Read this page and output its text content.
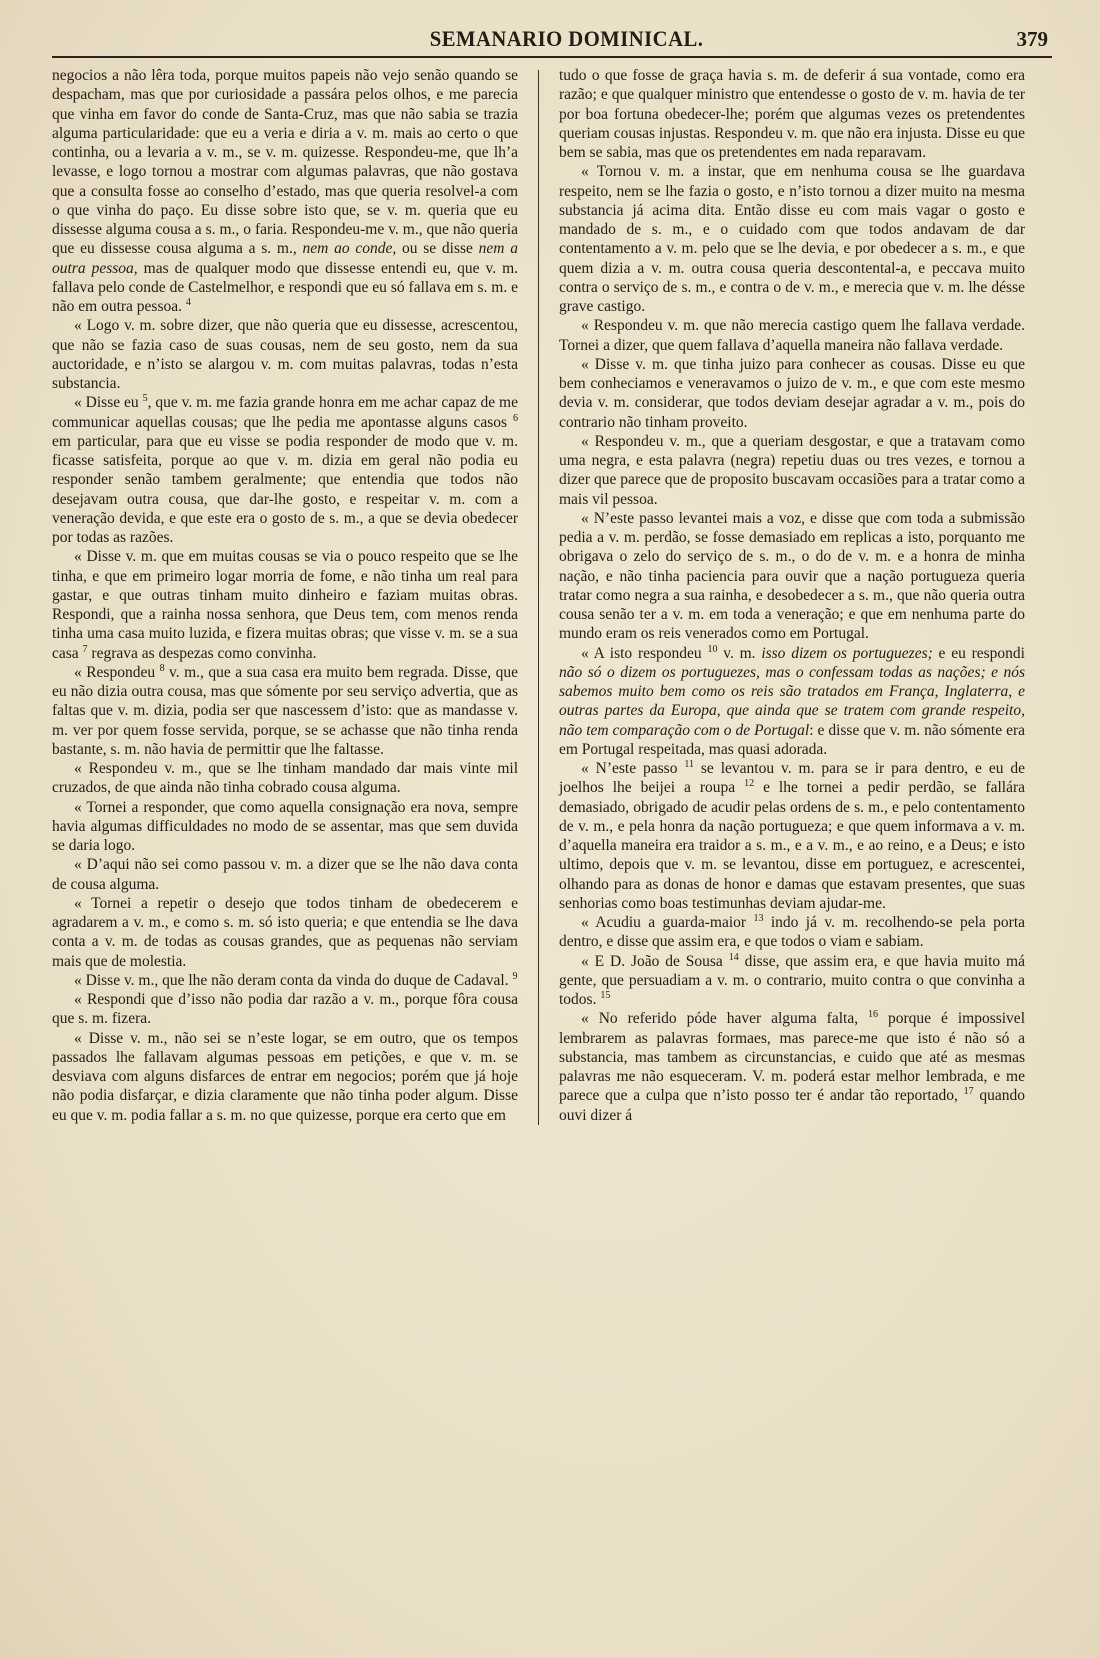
SEMANARIO DOMINICAL.	379

negocios a não lêra toda, porque muitos papeis não vejo senão quando se despacham, mas que por curiosidade a passára pelos olhos, e me parecia que vinha em favor do conde de Santa-Cruz, mas que não sabia se trazia alguma particularidade: que eu a veria e diria a v. m. mais ao certo o que continha, ou a levaria a v. m., se v. m. quizesse. Respondeu-me, que lh’a levasse, e logo tornou a mostrar com algumas palavras, que não gostava que a consulta fosse ao conselho d’estado, mas que queria resolvel-a com o que vinha do paço. Eu disse sobre isto que, se v. m. queria que eu dissesse alguma cousa a s. m., o faria. Respondeu-me v. m., que não queria que eu dissesse cousa alguma a s. m., nem ao conde, ou se disse nem a outra pessoa, mas de qualquer modo que dissesse entendi eu, que v. m. fallava pelo conde de Castelmelhor, e respondi que eu só fallava em s. m. e não em outra pessoa. $^4$

« Logo v. m. sobre dizer, que não queria que eu dissesse, acrescentou, que não se fazia caso de suas cousas, nem de seu gosto, nem da sua auctoridade, e n’isto se alargou v. m. com muitas palavras, todas n’esta substancia.

« Disse eu $^5$, que v. m. me fazia grande honra em me achar capaz de me communicar aquellas cousas; que lhe pedia me apontasse alguns casos $^6$ em particular, para que eu visse se podia responder de modo que v. m. ficasse satisfeita, porque ao que v. m. dizia em geral não podia eu responder senão tambem geralmente; que entendia que todos não desejavam outra cousa, que dar-lhe gosto, e respeitar v. m. com a veneração devida, e que este era o gosto de s. m., a que se devia obedecer por todas as razões.

« Disse v. m. que em muitas cousas se via o pouco respeito que se lhe tinha, e que em primeiro logar morria de fome, e não tinha um real para gastar, e que outras tinham muito dinheiro e faziam muitas obras. Respondi, que a rainha nossa senhora, que Deus tem, com menos renda tinha uma casa muito luzida, e fizera muitas obras; que visse v. m. se a sua casa $^7$ regrava as despezas como convinha.

« Respondeu $^8$ v. m., que a sua casa era muito bem regrada. Disse, que eu não dizia outra cousa, mas que sómente por seu serviço advertia, que as faltas que v. m. dizia, podia ser que nascessem d’isto: que as mandasse v. m. ver por quem fosse servida, porque, se se achasse que não tinha renda bastante, s. m. não havia de permittir que lhe faltasse.

« Respondeu v. m., que se lhe tinham mandado dar mais vinte mil cruzados, de que ainda não tinha cobrado cousa alguma.

« Tornei a responder, que como aquella consignação era nova, sempre havia algumas difficuldades no modo de se assentar, mas que sem duvida se daria logo.

« D’aqui não sei como passou v. m. a dizer que se lhe não dava conta de cousa alguma.

« Tornei a repetir o desejo que todos tinham de obedecerem e agradarem a v. m., e como s. m. só isto queria; e que entendia se lhe dava conta a v. m. de todas as cousas grandes, que as pequenas não serviam mais que de molestia.

« Disse v. m., que lhe não deram conta da vinda do duque de Cadaval. $^9$

« Respondi que d’isso não podia dar razão a v. m., porque fôra cousa que s. m. fizera.

« Disse v. m., não sei se n’este logar, se em outro, que os tempos passados lhe fallavam algumas pessoas em petições, e que v. m. se desviava com alguns disfarces de entrar em negocios; porém que já hoje não podia disfarçar, e dizia claramente que não tinha poder algum. Disse eu que v. m. podia fallar a s. m. no que quizesse, porque era certo que em

tudo o que fosse de graça havia s. m. de deferir á sua vontade, como era razão; e que qualquer ministro que entendesse o gosto de v. m. havia de ter por boa fortuna obedecer-lhe; porém que algumas vezes os pretendentes queriam cousas injustas. Respondeu v. m. que não era injusta. Disse eu que bem se sabia, mas que os pretendentes em nada reparavam.

« Tornou v. m. a instar, que em nenhuma cousa se lhe guardava respeito, nem se lhe fazia o gosto, e n’isto tornou a dizer muito na mesma substancia já acima dita. Então disse eu com mais vagar o gosto e mandado de s. m., e o cuidado com que todos andavam de dar contentamento a v. m. pelo que se lhe devia, e por obedecer a s. m., e que quem dizia a v. m. outra cousa queria descontental-a, e peccava muito contra o serviço de s. m., e contra o de v. m., e merecia que v. m. lhe désse grave castigo.

« Respondeu v. m. que não merecia castigo quem lhe fallava verdade. Tornei a dizer, que quem fallava d’aquella maneira não fallava verdade.

« Disse v. m. que tinha juizo para conhecer as cousas. Disse eu que bem conheciamos e veneravamos o juizo de v. m., e que com este mesmo devia v. m. considerar, que todos deviam desejar agradar a v. m., pois do contrario não tinham proveito.

« Respondeu v. m., que a queriam desgostar, e que a tratavam como uma negra, e esta palavra (negra) repetiu duas ou tres vezes, e tornou a dizer que parece que de proposito buscavam occasiões para a tratar como a mais vil pessoa.

« N’este passo levantei mais a voz, e disse que com toda a submissão pedia a v. m. perdão, se fosse demasiado em replicas a isto, porquanto me obrigava o zelo do serviço de s. m., o do de v. m. e a honra de minha nação, e não tinha paciencia para ouvir que a nação portugueza queria tratar como negra a sua rainha, e desobedecer a s. m., que não queria outra cousa senão ter a v. m. em toda a veneração; e que em nenhuma parte do mundo eram os reis venerados como em Portugal.

« A isto respondeu $^{10}$ v. m. isso dizem os portuguezes; e eu respondi não só o dizem os portuguezes, mas o confessam todas as nações; e nós sabemos muito bem como os reis são tratados em França, Inglaterra, e outras partes da Europa, que ainda que se tratem com grande respeito, não tem comparação com o de Portugal: e disse que v. m. não sómente era em Portugal respeitada, mas quasi adorada.

« N’este passo $^{11}$ se levantou v. m. para se ir para dentro, e eu de joelhos lhe beijei a roupa $^{12}$ e lhe tornei a pedir perdão, se fallára demasiado, obrigado de acudir pelas ordens de s. m., e pelo contentamento de v. m., e pela honra da nação portugueza; e que quem informava a v. m. d’aquella maneira era traidor a s. m., e a v. m., e ao reino, e a Deus; e isto ultimo, depois que v. m. se levantou, disse em portuguez, e acrescentei, olhando para as donas de honor e damas que estavam presentes, que suas senhorias como boas testimunhas deviam ajudar-me.

« Acudiu a guarda-maior $^{13}$ indo já v. m. recolhendo-se pela porta dentro, e disse que assim era, e que todos o viam e sabiam.

« E D. João de Sousa $^{14}$ disse, que assim era, e que havia muito má gente, que persuadiam a v. m. o contrario, muito contra o que convinha a todos. $^{15}$

« No referido póde haver alguma falta, $^{16}$ porque é impossivel lembrarem as palavras formaes, mas parece-me que isto é não só a substancia, mas tambem as circunstancias, e cuido que até as mesmas palavras me não esqueceram. V. m. poderá estar melhor lembrada, e me parece que a culpa que n’isto posso ter é andar tão reportado, $^{17}$ quando ouvi dizer á
